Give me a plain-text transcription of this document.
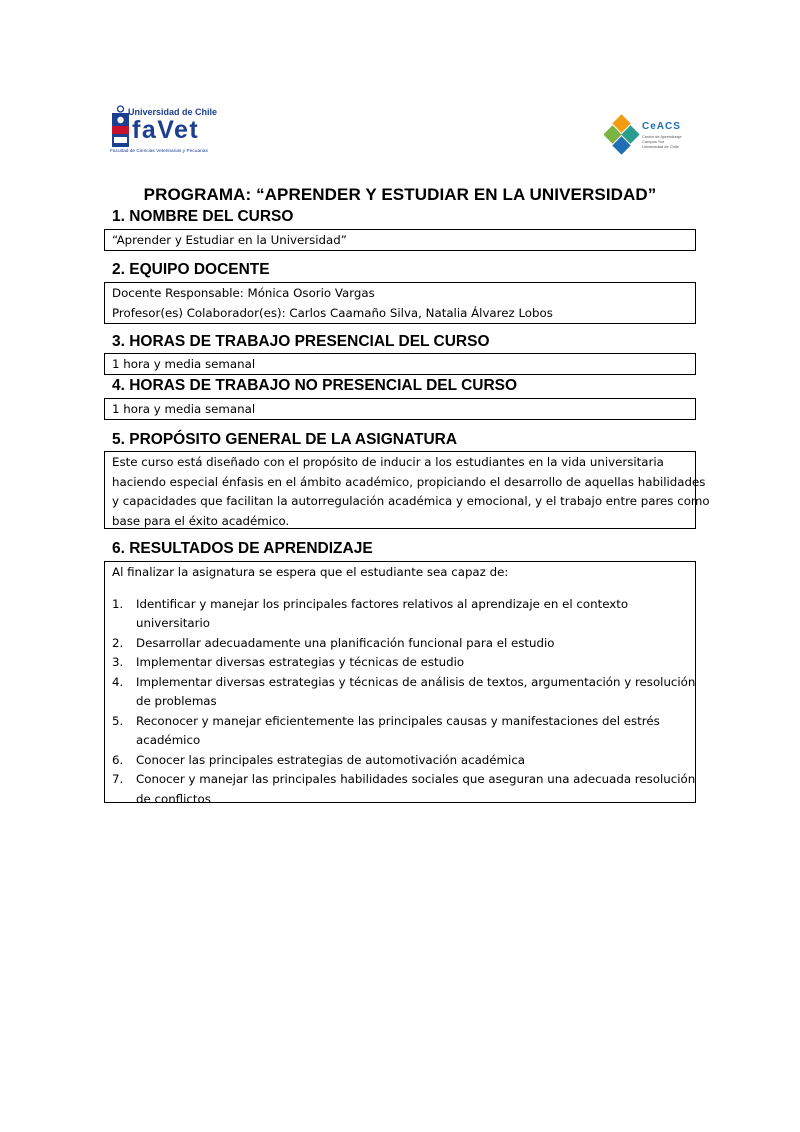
Universidad de Chile
faVet
Facultad de Ciencias Veterinarias y Pecuarias
CeACS
Centro de Aprendizaje
Campus Sur
Universidad de Chile
PROGRAMA: “APRENDER Y ESTUDIAR EN LA UNIVERSIDAD”
1. NOMBRE DEL CURSO
“Aprender y Estudiar en la Universidad”
2. EQUIPO DOCENTE
Docente Responsable: Mónica Osorio Vargas
Profesor(es) Colaborador(es): Carlos Caamaño Silva, Natalia Álvarez Lobos
3. HORAS DE TRABAJO PRESENCIAL DEL CURSO
1 hora y media semanal
4. HORAS DE TRABAJO NO PRESENCIAL DEL CURSO
1 hora y media semanal
5. PROPÓSITO GENERAL DE LA ASIGNATURA
Este curso está diseñado con el propósito de inducir a los estudiantes en la vida universitaria
haciendo especial énfasis en el ámbito académico, propiciando el desarrollo de aquellas habilidades
y capacidades que facilitan la autorregulación académica y emocional, y el trabajo entre pares como
base para el éxito académico.
6. RESULTADOS DE APRENDIZAJE
Al finalizar la asignatura se espera que el estudiante sea capaz de:
1. Identificar y manejar los principales factores relativos al aprendizaje en el contexto
universitario
2. Desarrollar adecuadamente una planificación funcional para el estudio
3. Implementar diversas estrategias y técnicas de estudio
4. Implementar diversas estrategias y técnicas de análisis de textos, argumentación y resolución
de problemas
5. Reconocer y manejar eficientemente las principales causas y manifestaciones del estrés
académico
6. Conocer las principales estrategias de automotivación académica
7. Conocer y manejar las principales habilidades sociales que aseguran una adecuada resolución
de conflictos
